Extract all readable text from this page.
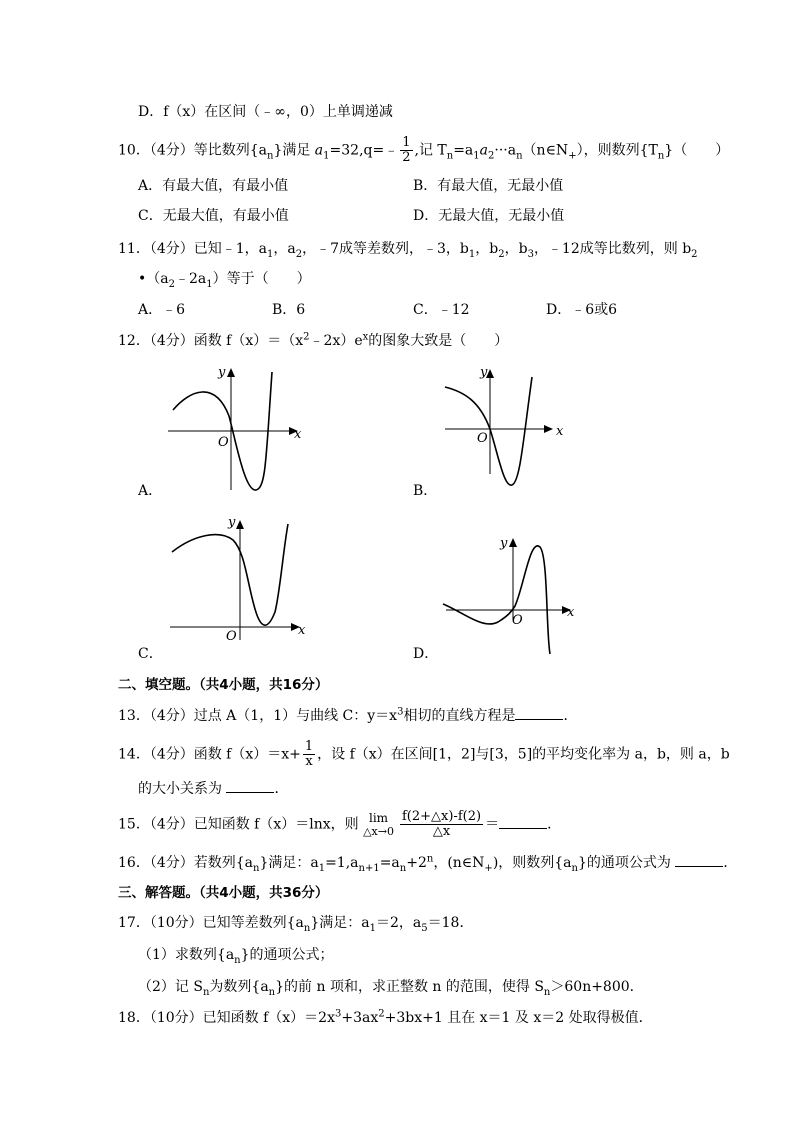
D．f（x）在区间（﹣∞，0）上单调递减
10．（4分）等比数列$\{a_n\}$满足 $a_1=32,q=﹣ \frac{1}{2}$ ,记 $T_n=a_1a_2\cdot\cdot\cdot a_n(n\in N_+)$，则数列$\{T_n\}$（　　）
A．有最大值，有最小值	B．有最大值，无最小值
C．无最大值，有最小值	D．无最大值，无最小值
11．（4分）已知﹣1，$a_1$，$a_2$，﹣7成等差数列，﹣3，$b_1$，$b_2$，$b_3$，﹣12成等比数列，则 $b_2$
$•(a_2﹣2a_1)$等于（　　）
A．﹣6	B．6	C．﹣12	D．﹣6或6
12．（4分）函数 $f(x)=(x^2﹣2x)e^x$的图象大致是（　　）
y
O
x
A．
y
O	x
B．
y
O	x
C．
y
O
x
D．
二、填空题。（共4小题，共16分）
13．（4分）过点 A（1，1）与曲线 C：$y=x^3$相切的直线方程是	．
14．（4分）函数 $f(x)=x+ \frac{1}{x}$ ，设 f（x）在区间[1，2]与[3，5]的平均变化率为 a，b，则 a，b
的大小关系为	．
15．（4分）已知函数 f（x）＝lnx，则 lim
△x→0 $\frac{f(2+\triangle x)-f(2)}{\triangle x}$ ＝	．
16．（4分）若数列$\{a_n\}$满足：$a_1=1,a_{n+1}=a_n+2^n$，$(n\in N_+)$，则数列$\{a_n\}$的通项公式为	．
三、解答题。（共4小题，共36分）
17．（10分）已知等差数列$\{a_n\}$满足：$a_1=2$，$a_5=18$．
（1）求数列$\{a_n\}$的通项公式；
（2）记 $S_n$为数列$\{a_n\}$的前 n 项和，求正整数 n 的范围，使得 $S_n>60n+800$．
18．（10分）已知函数 $f(x)=2x^3+3ax^2+3bx+1$ 且在 x＝1 及 x＝2 处取得极值．
